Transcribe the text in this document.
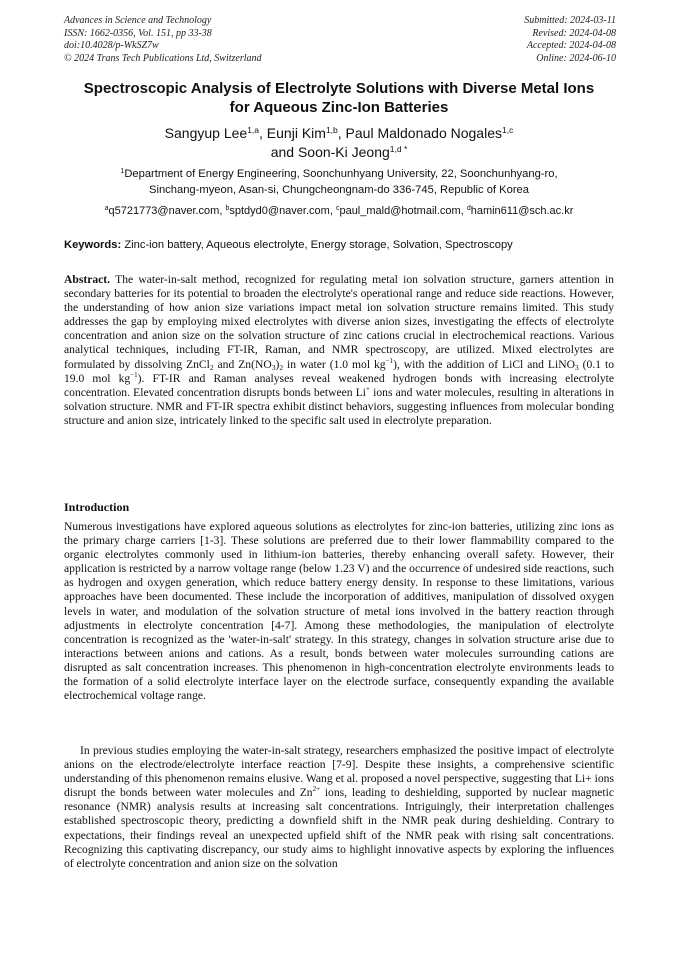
Advances in Science and Technology
ISSN: 1662-0356, Vol. 151, pp 33-38
doi:10.4028/p-WkSZ7w
© 2024 Trans Tech Publications Ltd, Switzerland
Submitted: 2024-03-11
Revised: 2024-04-08
Accepted: 2024-04-08
Online: 2024-06-10
Spectroscopic Analysis of Electrolyte Solutions with Diverse Metal Ions
for Aqueous Zinc-Ion Batteries
Sangyup Lee$^{1,a}$, Eunji Kim$^{1,b}$, Paul Maldonado Nogales$^{1,c}$
and Soon-Ki Jeong$^{1,d *}$
$^1$Department of Energy Engineering, Soonchunhyang University, 22, Soonchunhyang-ro,
Sinchang-myeon, Asan-si, Chungcheongnam-do 336-745, Republic of Korea
$^a$q5721773@naver.com, $^b$sptdyd0@naver.com, $^c$paul_mald@hotmail.com, $^d$hamin611@sch.ac.kr
Keywords: Zinc-ion battery, Aqueous electrolyte, Energy storage, Solvation, Spectroscopy
Abstract. The water-in-salt method, recognized for regulating metal ion solvation structure, garners attention in secondary batteries for its potential to broaden the electrolyte's operational range and reduce side reactions. However, the understanding of how anion size variations impact metal ion solvation structure remains limited. This study addresses the gap by employing mixed electrolytes with diverse anion sizes, investigating the effects of electrolyte concentration and anion size on the solvation structure of zinc cations crucial in electrochemical reactions. Various analytical techniques, including FT-IR, Raman, and NMR spectroscopy, are utilized. Mixed electrolytes are formulated by dissolving ZnCl$_2$ and $Zn(NO_3)_2$ in water (1.0 mol $kg^{-1}$), with the addition of LiCl and LiNO$_3$ (0.1 to 19.0 mol $kg^{-1}$). FT-IR and Raman analyses reveal weakened hydrogen bonds with increasing electrolyte concentration. Elevated concentration disrupts bonds between Li+ ions and water molecules, resulting in alterations in solvation structure. NMR and FT-IR spectra exhibit distinct behaviors, suggesting influences from molecular bonding structure and anion size, intricately linked to the specific salt used in electrolyte preparation.
Introduction
Numerous investigations have explored aqueous solutions as electrolytes for zinc-ion batteries, utilizing zinc ions as the primary charge carriers [1-3]. These solutions are preferred due to their lower flammability compared to the organic electrolytes commonly used in lithium-ion batteries, thereby enhancing overall safety. However, their application is restricted by a narrow voltage range (below 1.23 V) and the occurrence of undesired side reactions, such as hydrogen and oxygen generation, which reduce battery energy density. In response to these limitations, various approaches have been documented. These include the incorporation of additives, manipulation of dissolved oxygen levels in water, and modulation of the solvation structure of metal ions involved in the battery reaction through adjustments in electrolyte concentration [4-7]. Among these methodologies, the manipulation of electrolyte concentration is recognized as the 'water-in-salt' strategy. In this strategy, changes in solvation structure arise due to interactions between anions and cations. As a result, bonds between water molecules surrounding cations are disrupted as salt concentration increases. This phenomenon in high-concentration electrolyte environments leads to the formation of a solid electrolyte interface layer on the electrode surface, consequently expanding the available electrochemical voltage range.
In previous studies employing the water-in-salt strategy, researchers emphasized the positive impact of electrolyte anions on the electrode/electrolyte interface reaction [7-9]. Despite these insights, a comprehensive scientific understanding of this phenomenon remains elusive. Wang et al. proposed a novel perspective, suggesting that Li+ ions disrupt the bonds between water molecules and $Zn^{2+}$ ions, leading to deshielding, supported by nuclear magnetic resonance (NMR) analysis results at increasing salt concentrations. Intriguingly, their interpretation challenges established spectroscopic theory, predicting a downfield shift in the NMR peak during deshielding. Contrary to expectations, their findings reveal an unexpected upfield shift of the NMR peak with rising salt concentrations. Recognizing this captivating discrepancy, our study aims to highlight innovative aspects by exploring the influences of electrolyte concentration and anion size on the solvation
